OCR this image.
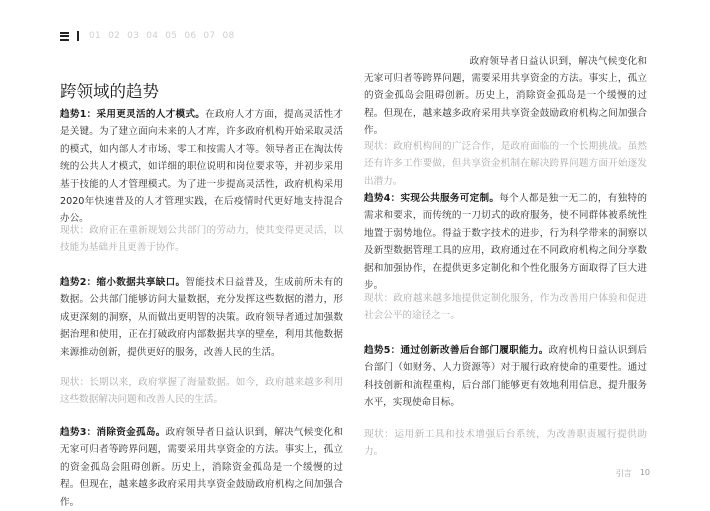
01 02 03 04 05 06 07 08
跨领域的趋势

趋势1：采用更灵活的人才模式。在政府人才方面，提高灵活性才是关键。为了建立面向未来的人才库，许多政府机构开始采取灵活的模式，如内部人才市场、零工和按需人才等。领导者正在淘汰传统的公共人才模式，如详细的职位说明和岗位要求等，并初步采用基于技能的人才管理模式。为了进一步提高灵活性，政府机构采用2020年快速普及的人才管理实践，在后疫情时代更好地支持混合办公。

现状：政府正在重新规划公共部门的劳动力，使其变得更灵活，以技能为基础并且更善于协作。

趋势2：缩小数据共享缺口。智能技术日益普及，生成前所未有的数据。公共部门能够访问大量数据，充分发挥这些数据的潜力，形成更深刻的洞察，从而做出更明智的决策。政府领导者通过加强数据治理和使用，正在打破政府内部数据共享的壁垒，利用其他数据来源推动创新，提供更好的服务，改善人民的生活。

现状：长期以来，政府掌握了海量数据。如今，政府越来越多利用这些数据解决问题和改善人民的生活。

趋势3：消除资金孤岛。政府领导者日益认识到，解决气候变化和无家可归者等跨界问题，需要采用共享资金的方法。事实上，孤立的资金孤岛会阻碍创新。历史上，消除资金孤岛是一个缓慢的过程。但现在，越来越多政府采用共享资金鼓励政府机构之间加强合作。

政府领导者日益认识到，解决气候变化和无家可归者等跨界问题，需要采用共享资金的方法。事实上，孤立的资金孤岛会阻碍创新。历史上，消除资金孤岛是一个缓慢的过程。但现在，越来越多政府采用共享资金鼓励政府机构之间加强合作。

现状：政府机构间的广泛合作，是政府面临的一个长期挑战。虽然还有许多工作要做，但共享资金机制在解决跨界问题方面开始逐发出潜力。

趋势4：实现公共服务可定制。每个人都是独一无二的，有独特的需求和要求，而传统的一刀切式的政府服务，使不同群体被系统性地置于弱势地位。得益于数字技术的进步，行为科学带来的洞察以及新型数据管理工具的应用，政府通过在不同政府机构之间分享数据和加强协作，在提供更多定制化和个性化服务方面取得了巨大进步。

现状：政府越来越多地提供定制化服务，作为改善用户体验和促进社会公平的途径之一。

趋势5：通过创新改善后台部门履职能力。政府机构日益认识到后台部门（如财务、人力资源等）对于履行政府使命的重要性。通过科技创新和流程重构，后台部门能够更有效地利用信息，提升服务水平，实现使命目标。

现状：运用新工具和技术增强后台系统，为改善职责履行提供助力。

引言 10
